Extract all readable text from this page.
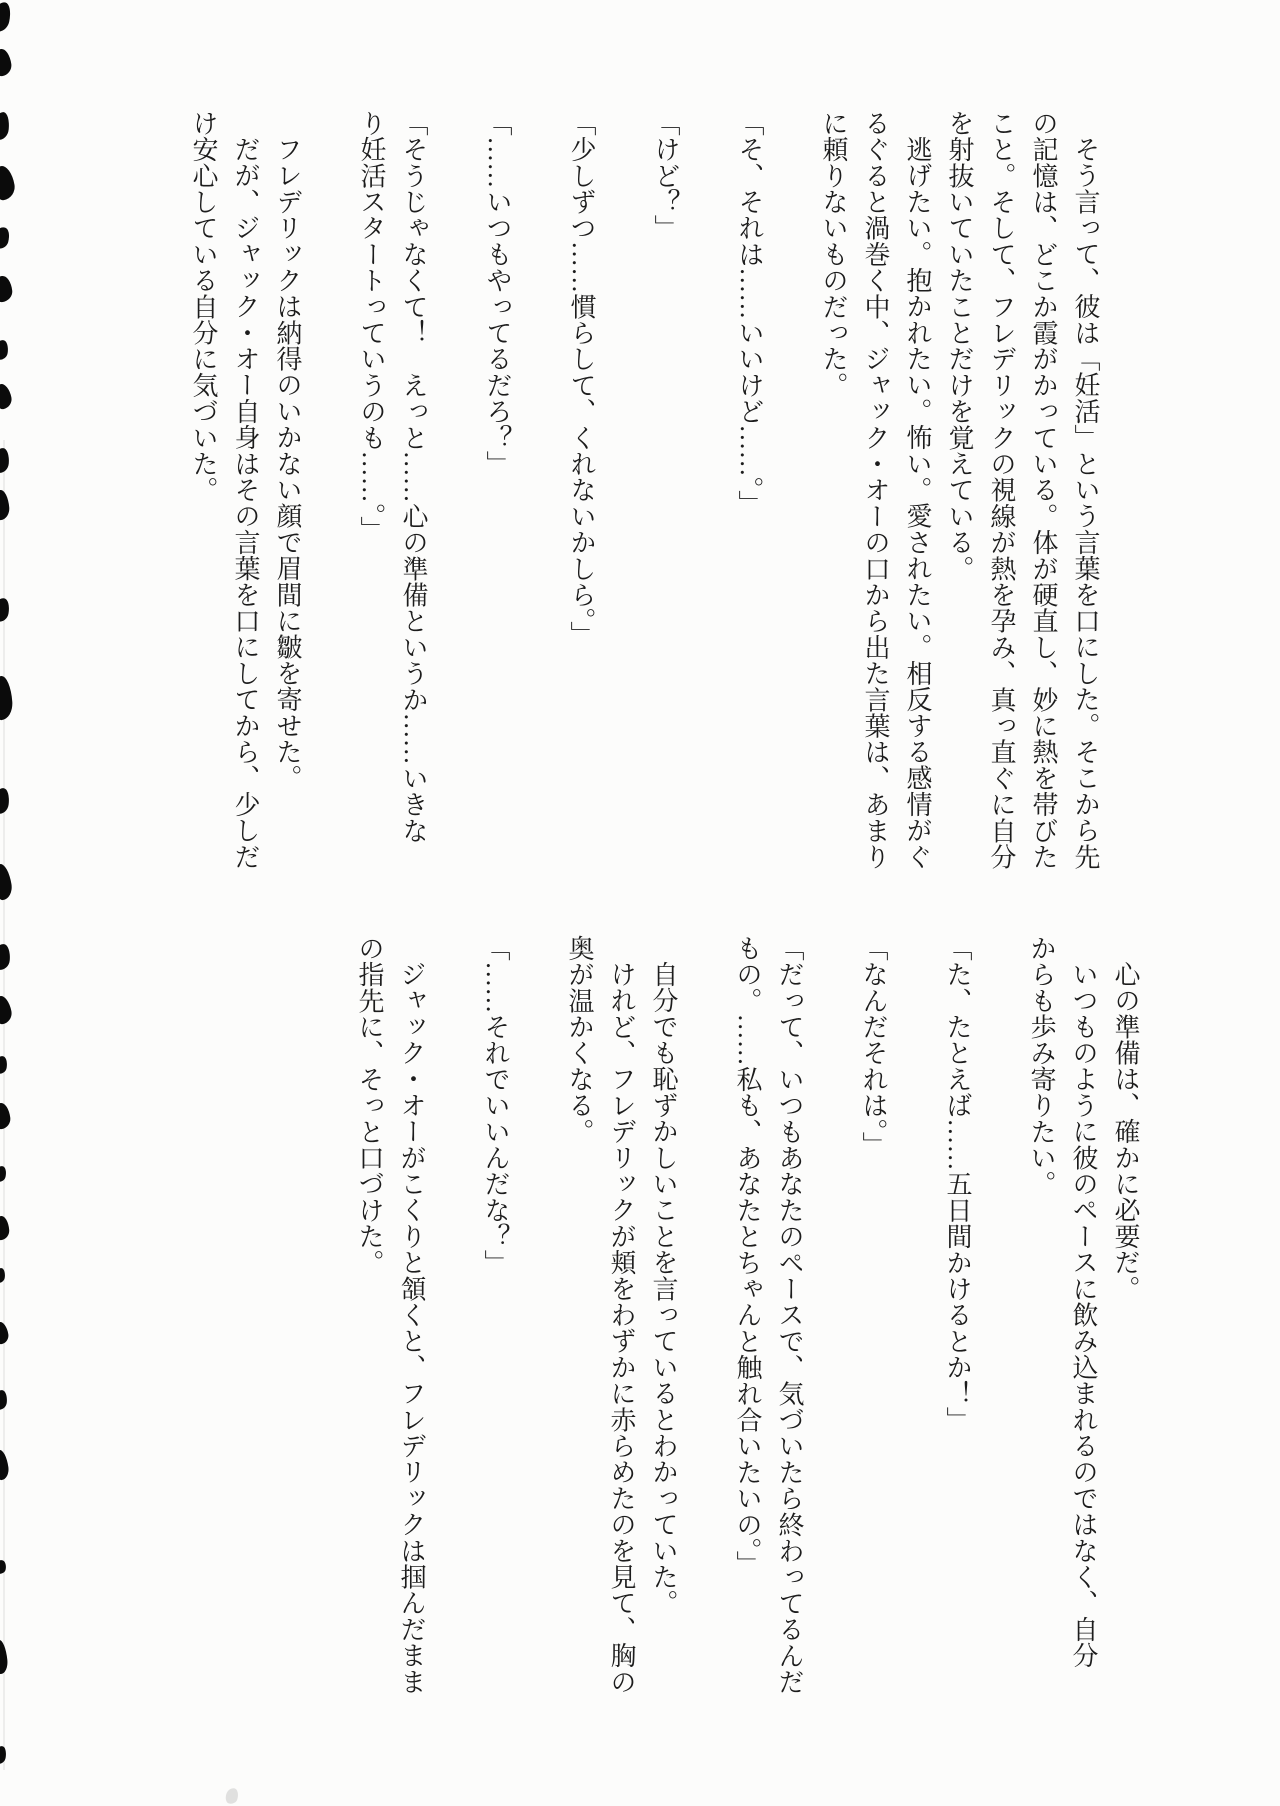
そう言って、彼は「妊活」という言葉を口にした。そこから先
の記憶は、どこか霞がかっている。体が硬直し、妙に熱を帯びた
こと。そして、フレデリックの視線が熱を孕み、真っ直ぐに自分
を射抜いていたことだけを覚えている。
逃げたい。抱かれたい。怖い。愛されたい。相反する感情がぐ
るぐると渦巻く中、ジャック・オーの口から出た言葉は、あまり
に頼りないものだった。
「そ、それは……いいけど……。」
「けど？」
「少しずつ……慣らして、くれないかしら。」
「……いつもやってるだろ？」
「そうじゃなくて！　えっと……心の準備というか……いきな
り妊活スタートっていうのも……。」
フレデリックは納得のいかない顔で眉間に皺を寄せた。
だが、ジャック・オー自身はその言葉を口にしてから、少しだ
け安心している自分に気づいた。
心の準備は、確かに必要だ。
いつものように彼のペースに飲み込まれるのではなく、自分
からも歩み寄りたい。
「た、たとえば……五日間かけるとか！」
「なんだそれは。」
「だって、いつもあなたのペースで、気づいたら終わってるんだ
もの。……私も、あなたとちゃんと触れ合いたいの。」
自分でも恥ずかしいことを言っているとわかっていた。
けれど、フレデリックが頬をわずかに赤らめたのを見て、胸の
奥が温かくなる。
「……それでいいんだな？」
ジャック・オーがこくりと頷くと、フレデリックは掴んだまま
の指先に、そっと口づけた。
